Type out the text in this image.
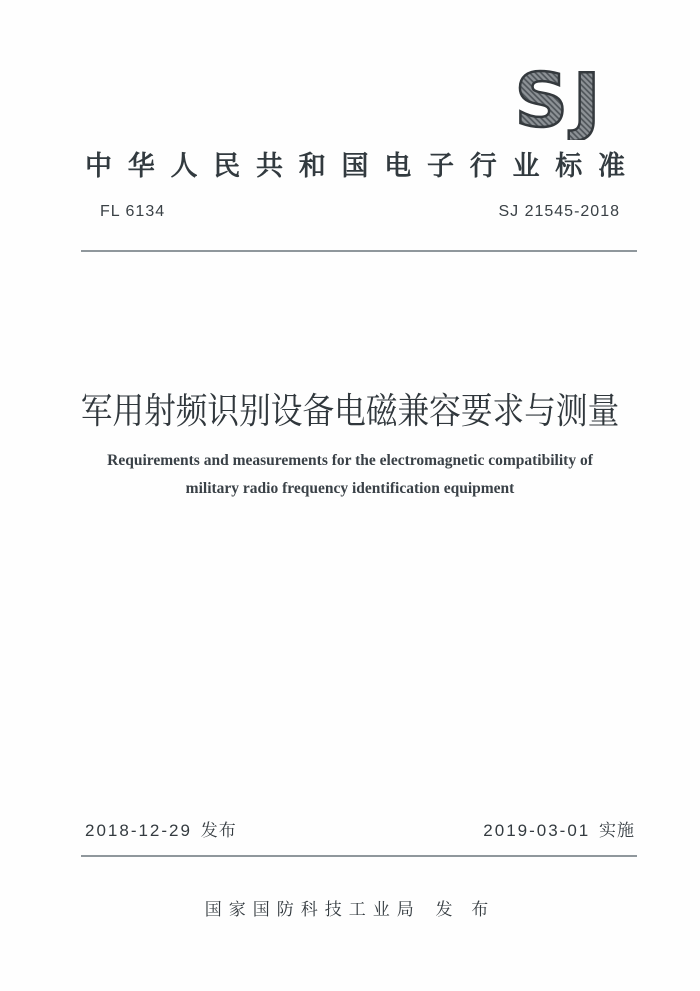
SJ
中 华 人 民 共 和 国 电 子 行 业 标 准
FL 6134	SJ 21545-2018
军用射频识别设备电磁兼容要求与测量
Requirements and measurements for the electromagnetic compatibility of
military radio frequency identification equipment
2018-12-29 发布	2019-03-01 实施
国家国防科技工业局 发 布
